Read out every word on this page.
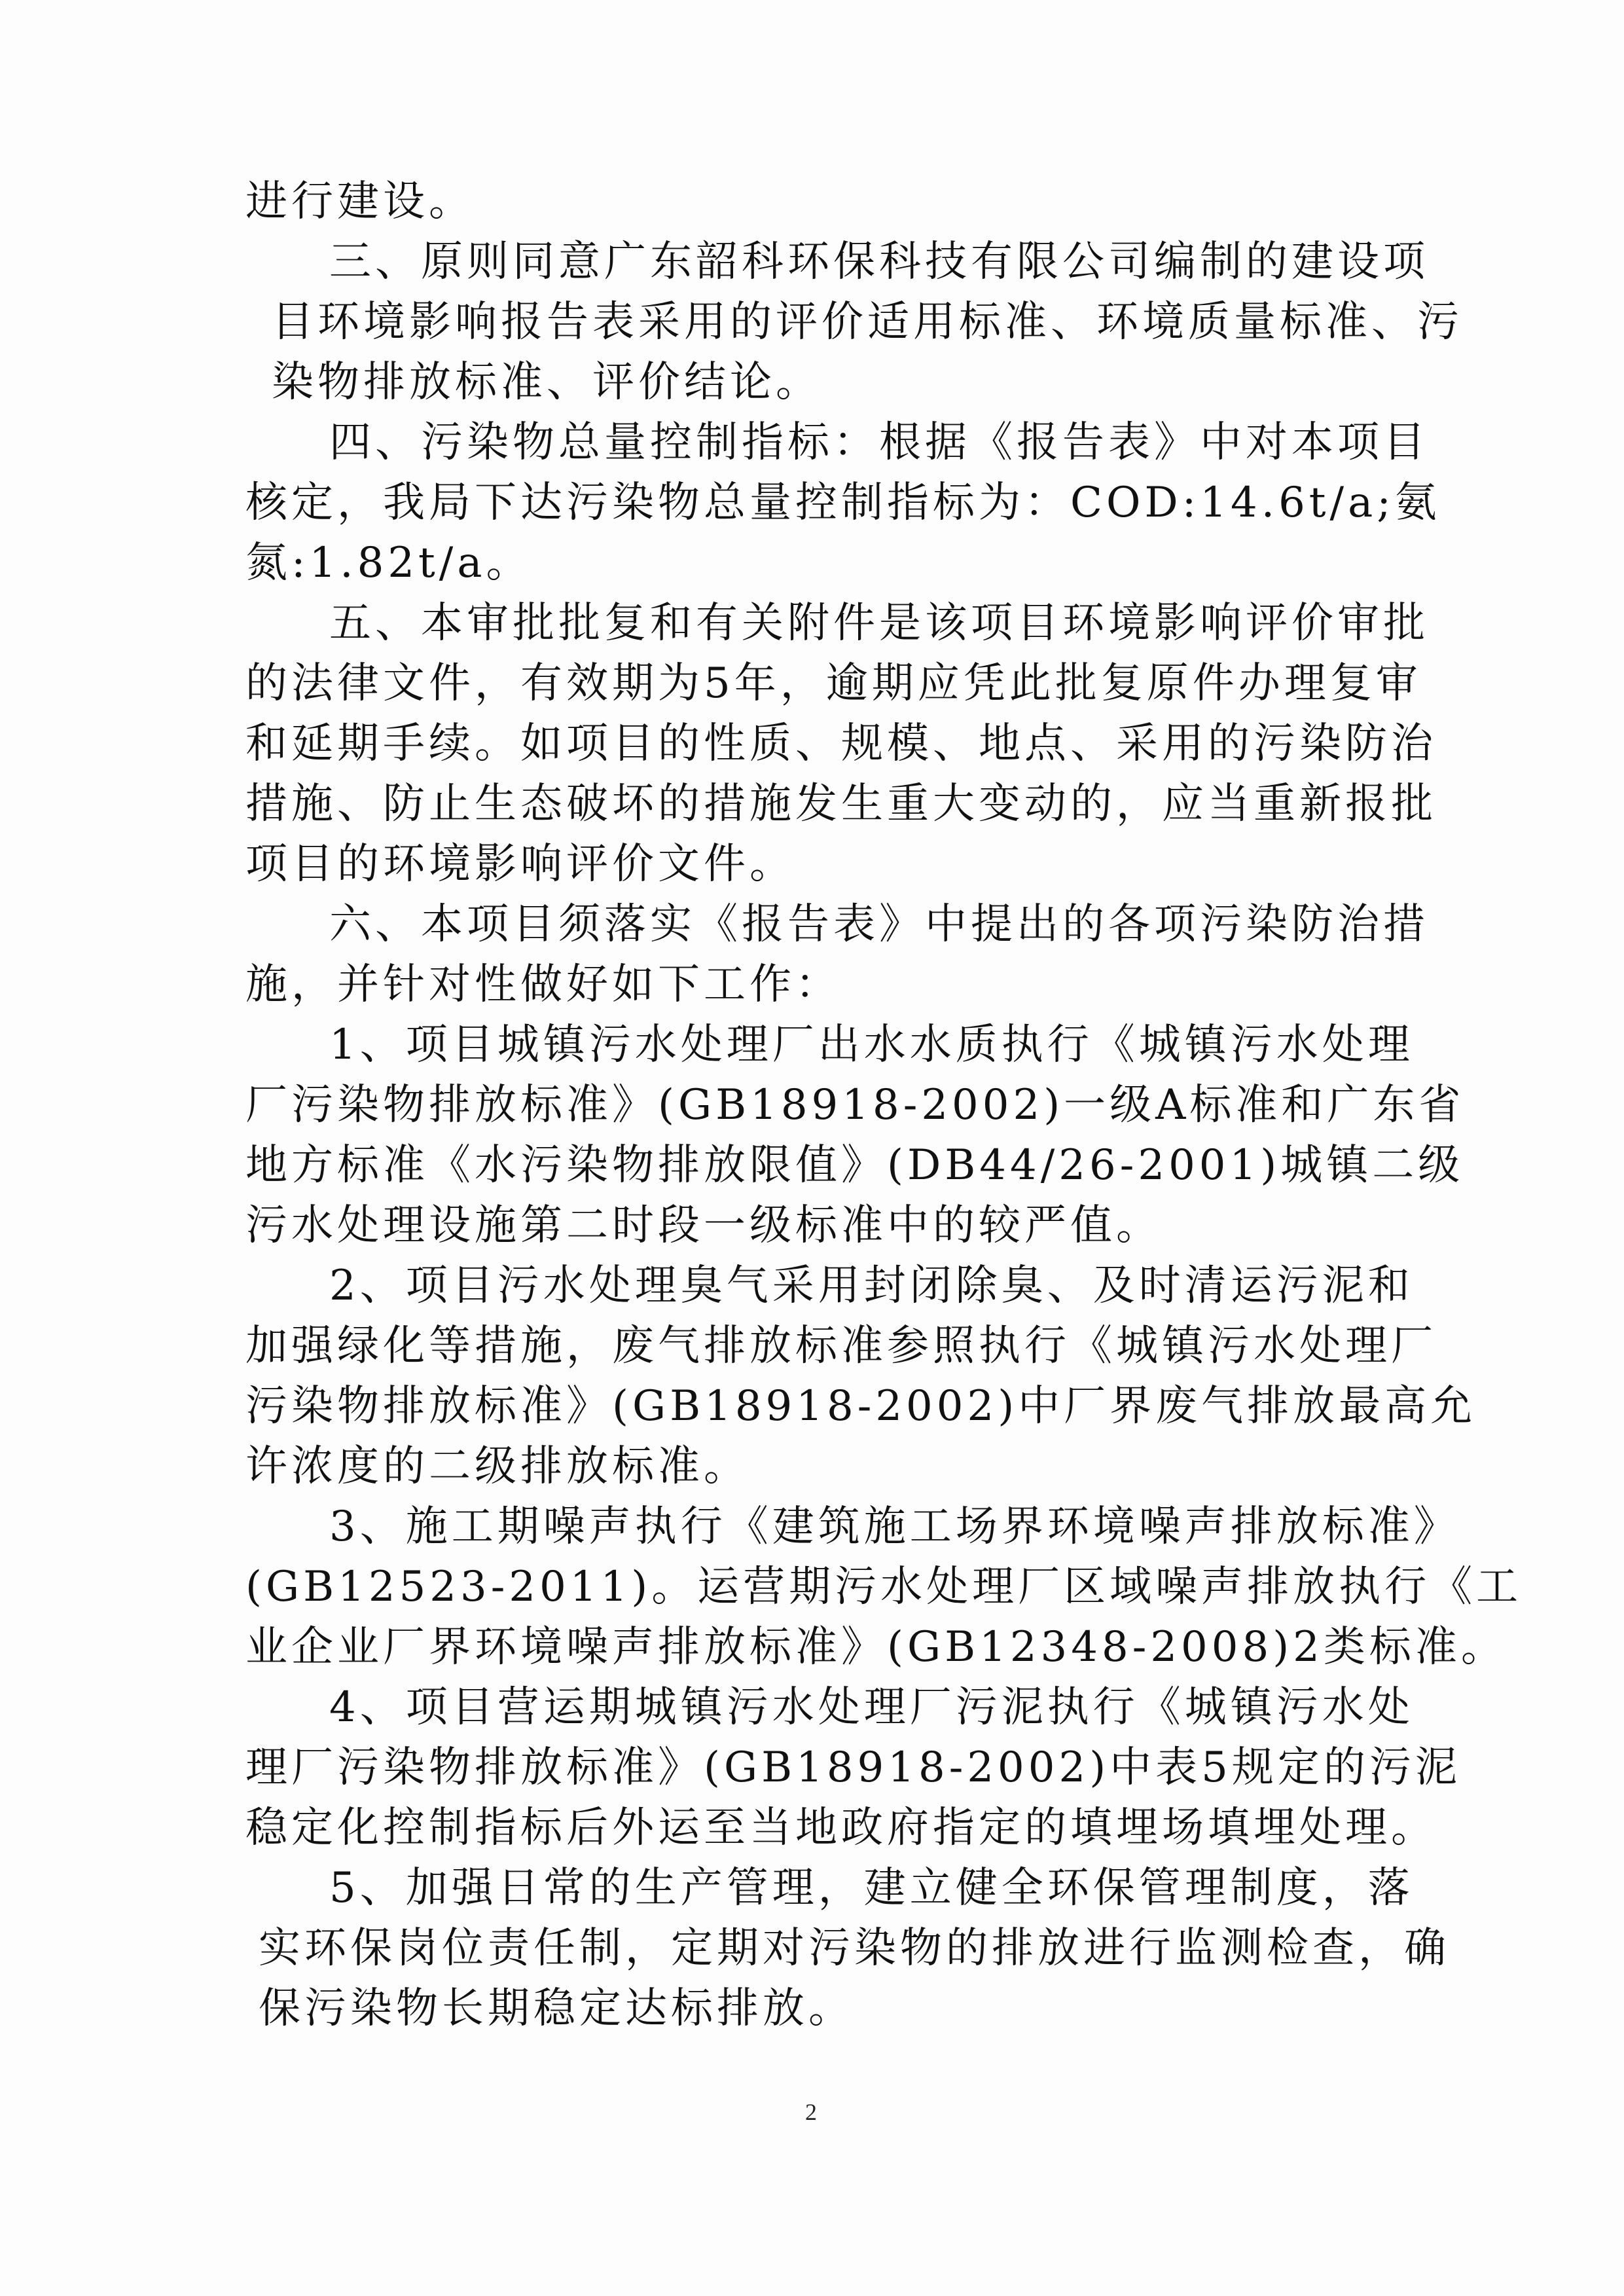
进行建设。
三、原则同意广东韶科环保科技有限公司编制的建设项
目环境影响报告表采用的评价适用标准、环境质量标准、污
染物排放标准、评价结论。
四、污染物总量控制指标：根据《报告表》中对本项目
核定，我局下达污染物总量控制指标为：COD:14.6t/a;氨
氮:1.82t/a。
五、本审批批复和有关附件是该项目环境影响评价审批
的法律文件，有效期为5年，逾期应凭此批复原件办理复审
和延期手续。如项目的性质、规模、地点、采用的污染防治
措施、防止生态破坏的措施发生重大变动的，应当重新报批
项目的环境影响评价文件。
六、本项目须落实《报告表》中提出的各项污染防治措
施，并针对性做好如下工作：
1、项目城镇污水处理厂出水水质执行《城镇污水处理
厂污染物排放标准》(GB18918-2002)一级A标准和广东省
地方标准《水污染物排放限值》(DB44/26-2001)城镇二级
污水处理设施第二时段一级标准中的较严值。
2、项目污水处理臭气采用封闭除臭、及时清运污泥和
加强绿化等措施，废气排放标准参照执行《城镇污水处理厂
污染物排放标准》(GB18918-2002)中厂界废气排放最高允
许浓度的二级排放标准。
3、施工期噪声执行《建筑施工场界环境噪声排放标准》
(GB12523-2011)。运营期污水处理厂区域噪声排放执行《工
业企业厂界环境噪声排放标准》(GB12348-2008)2类标准。
4、项目营运期城镇污水处理厂污泥执行《城镇污水处
理厂污染物排放标准》(GB18918-2002)中表5规定的污泥
稳定化控制指标后外运至当地政府指定的填埋场填埋处理。
5、加强日常的生产管理，建立健全环保管理制度，落
实环保岗位责任制，定期对污染物的排放进行监测检查，确
保污染物长期稳定达标排放。
2
